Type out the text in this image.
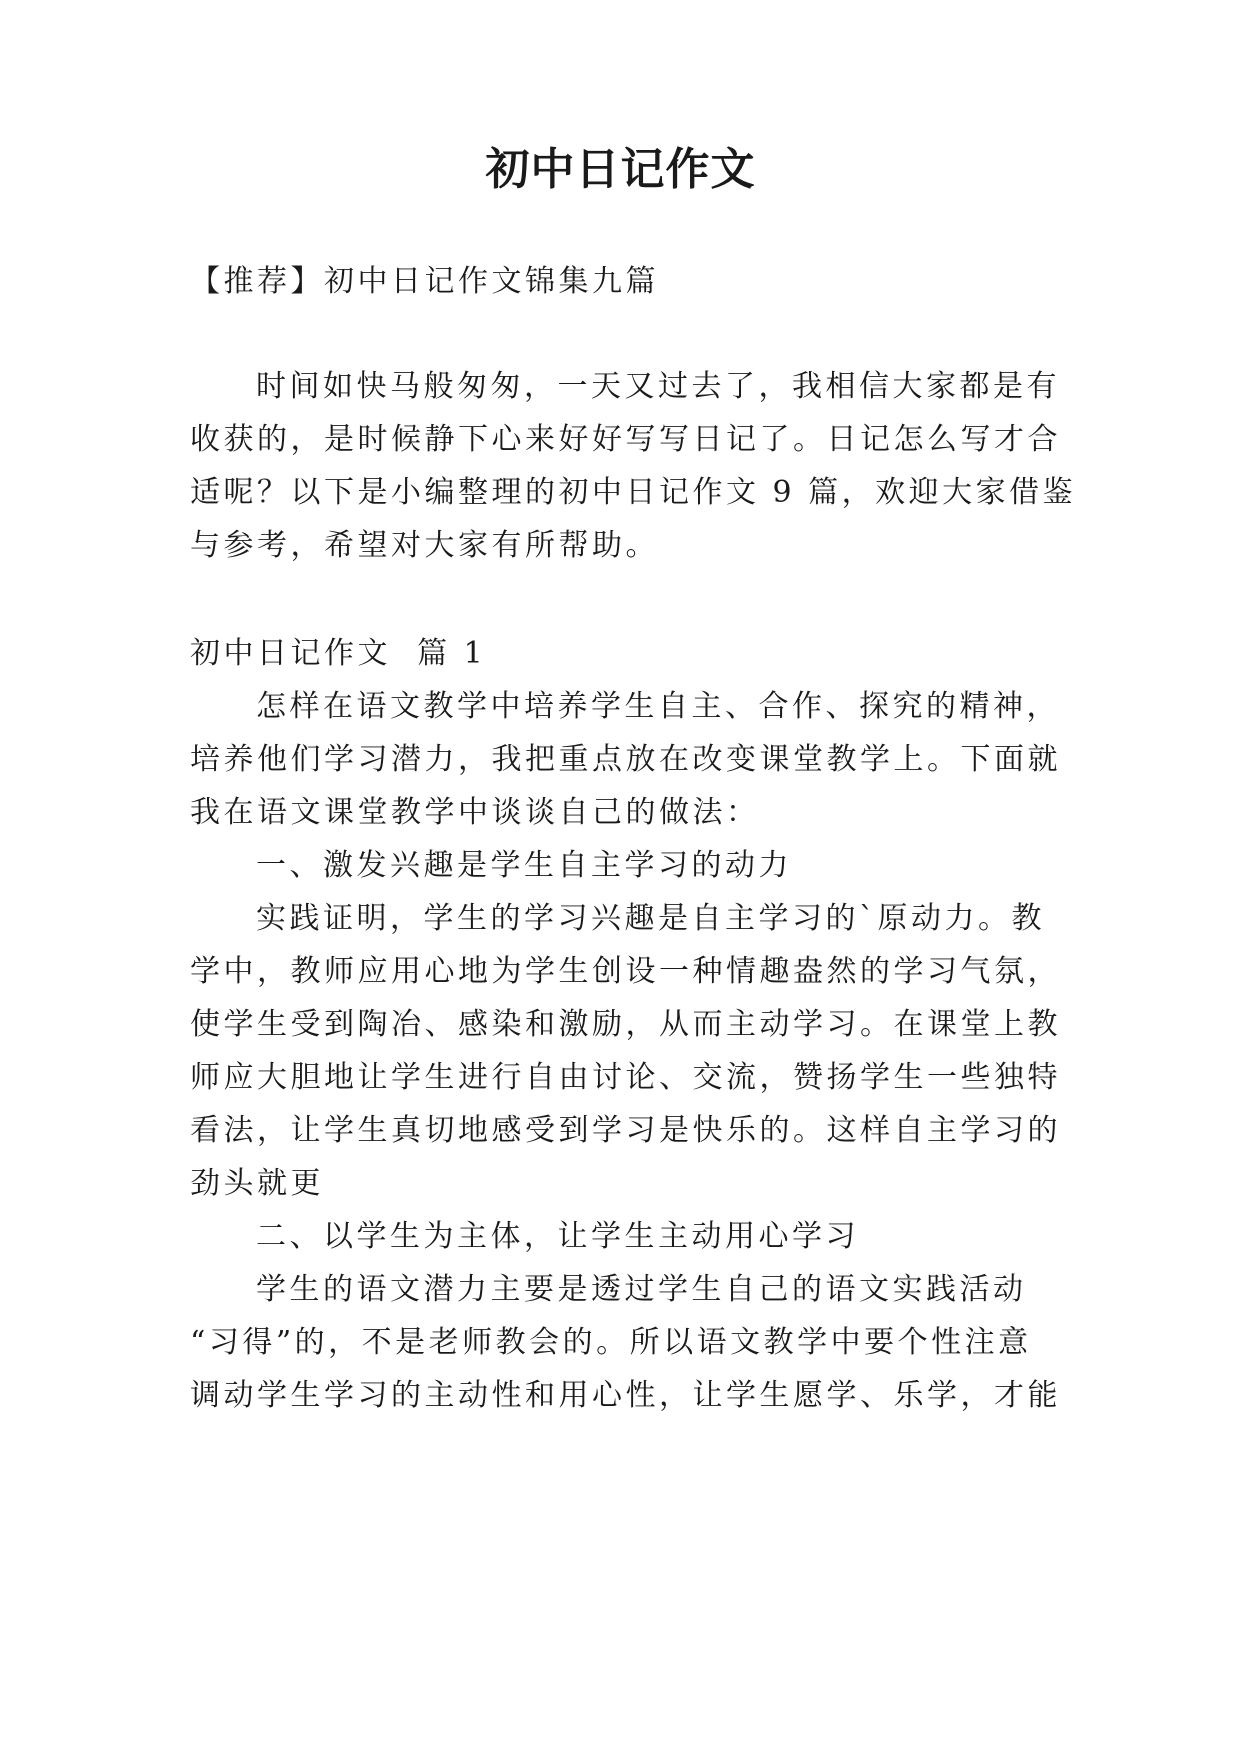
初中日记作文
【推荐】初中日记作文锦集九篇
时间如快马般匆匆，一天又过去了，我相信大家都是有
收获的，是时候静下心来好好写写日记了。日记怎么写才合
适呢？以下是小编整理的初中日记作文 9 篇，欢迎大家借鉴
与参考，希望对大家有所帮助。
初中日记作文  篇 1
怎样在语文教学中培养学生自主、合作、探究的精神，
培养他们学习潜力，我把重点放在改变课堂教学上。下面就
我在语文课堂教学中谈谈自己的做法：
一、激发兴趣是学生自主学习的动力
实践证明，学生的学习兴趣是自主学习的`原动力。教
学中，教师应用心地为学生创设一种情趣盎然的学习气氛，
使学生受到陶冶、感染和激励，从而主动学习。在课堂上教
师应大胆地让学生进行自由讨论、交流，赞扬学生一些独特
看法，让学生真切地感受到学习是快乐的。这样自主学习的
劲头就更
二、以学生为主体，让学生主动用心学习
学生的语文潜力主要是透过学生自己的语文实践活动
“习得”的，不是老师教会的。所以语文教学中要个性注意
调动学生学习的主动性和用心性，让学生愿学、乐学，才能
